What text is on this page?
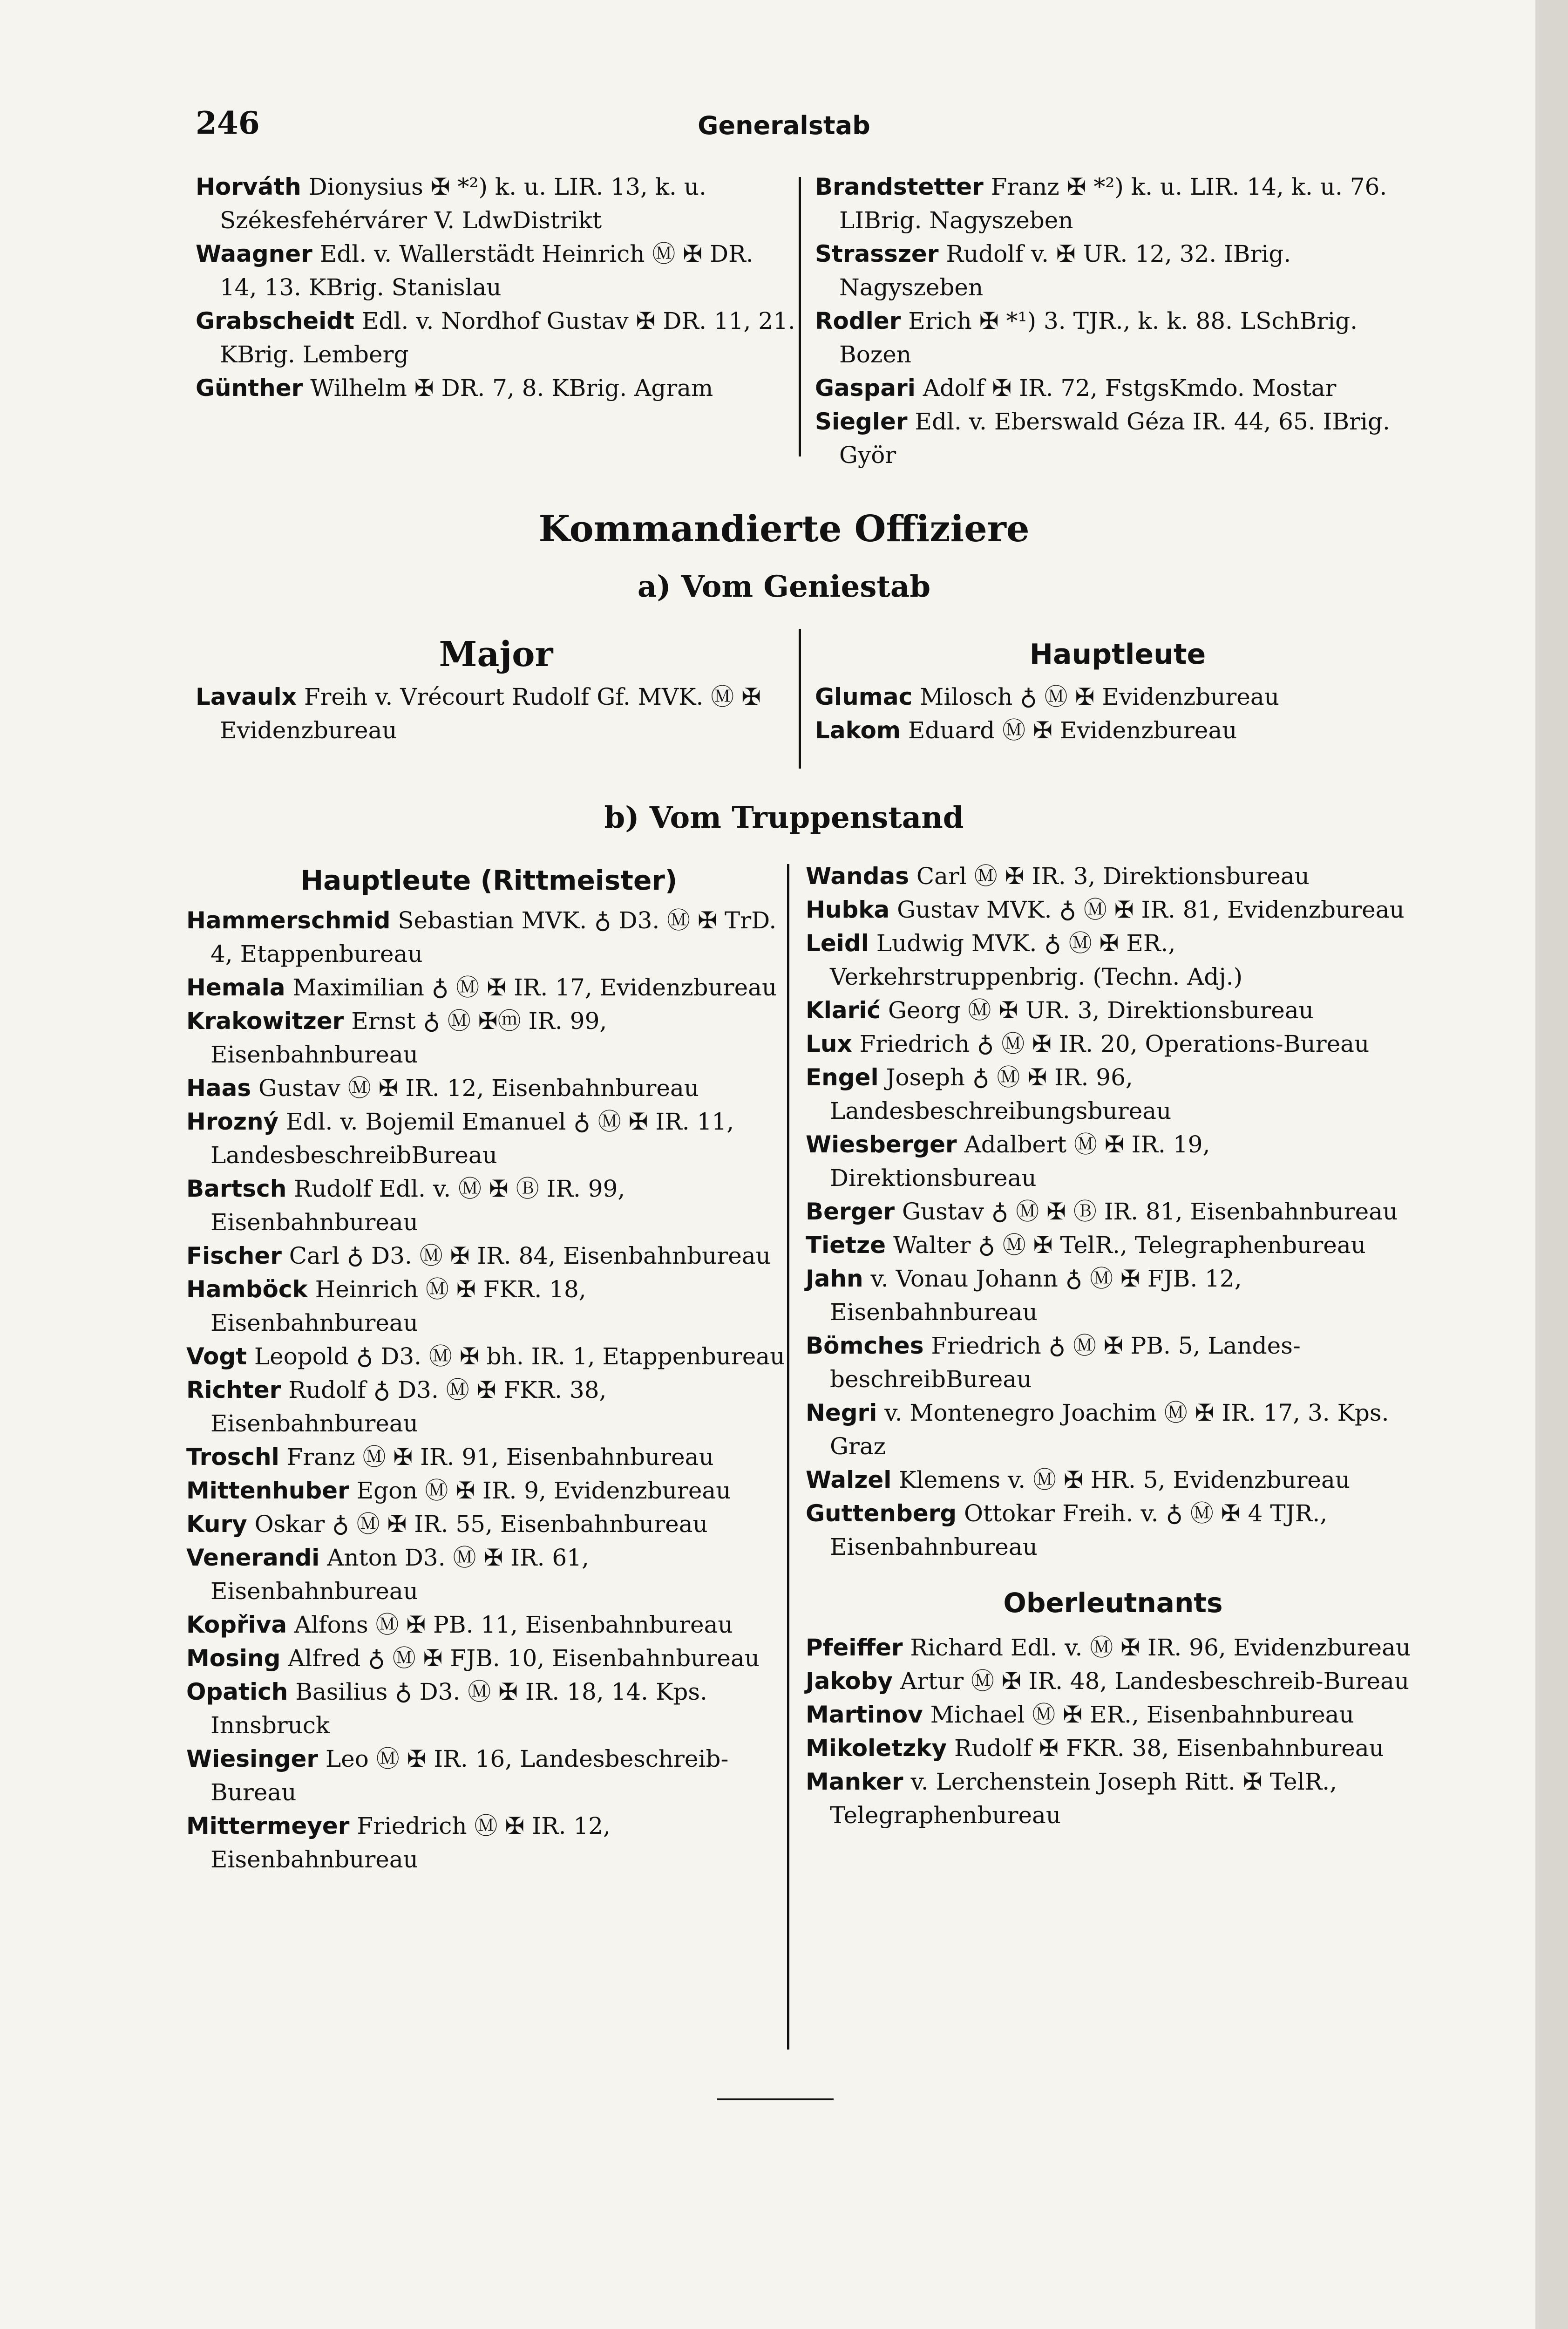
246	Generalstab

Horváth Dionysius ✠ *²) k. u. LIR. 13, k. u. Székesfehérvárer V. LdwDistrikt

Waagner Edl. v. Wallerstädt Heinrich Ⓜ ✠ DR. 14, 13. KBrig. Stanislau

Grabscheidt Edl. v. Nordhof Gustav ✠ DR. 11, 21. KBrig. Lemberg

Günther Wilhelm ✠ DR. 7, 8. KBrig. Agram

Brandstetter Franz ✠ *²) k. u. LIR. 14, k. u. 76. LIBrig. Nagyszeben

Strasszer Rudolf v. ✠ UR. 12, 32. IBrig. Nagyszeben

Rodler Erich ✠ *¹) 3. TJR., k. k. 88. LSchBrig. Bozen

Gaspari Adolf ✠ IR. 72, FstgsKmdo. Mostar

Siegler Edl. v. Eberswald Géza IR. 44, 65. IBrig. Györ

Kommandierte Offiziere
a) Vom Geniestab
Major

Lavaulx Freih v. Vrécourt Rudolf Gf. MVK. Ⓜ ✠ Evidenzbureau

Hauptleute

Glumac Milosch ♁ Ⓜ ✠ Evidenzbureau

Lakom Eduard Ⓜ ✠ Evidenzbureau

b) Vom Truppenstand
Hauptleute (Rittmeister)

Hammerschmid Sebastian MVK. ♁ D3. Ⓜ ✠ TrD. 4, Etappenbureau

Hemala Maximilian ♁ Ⓜ ✠ IR. 17, Evidenzbureau

Krakowitzer Ernst ♁ Ⓜ ✠ⓜ IR. 99, Eisenbahnbureau

Haas Gustav Ⓜ ✠ IR. 12, Eisenbahnbureau

Hrozný Edl. v. Bojemil Emanuel ♁ Ⓜ ✠ IR. 11, LandesbeschreibBureau

Bartsch Rudolf Edl. v. Ⓜ ✠ Ⓑ IR. 99, Eisenbahnbureau

Fischer Carl ♁ D3. Ⓜ ✠ IR. 84, Eisenbahnbureau

Hamböck Heinrich Ⓜ ✠ FKR. 18, Eisenbahnbureau

Vogt Leopold ♁ D3. Ⓜ ✠ bh. IR. 1, Etappenbureau

Richter Rudolf ♁ D3. Ⓜ ✠ FKR. 38, Eisenbahnbureau

Troschl Franz Ⓜ ✠ IR. 91, Eisenbahnbureau

Mittenhuber Egon Ⓜ ✠ IR. 9, Evidenzbureau

Kury Oskar ♁ Ⓜ ✠ IR. 55, Eisenbahnbureau

Venerandi Anton D3. Ⓜ ✠ IR. 61, Eisenbahnbureau

Kopřiva Alfons Ⓜ ✠ PB. 11, Eisenbahnbureau

Mosing Alfred ♁ Ⓜ ✠ FJB. 10, Eisenbahnbureau

Opatich Basilius ♁ D3. Ⓜ ✠ IR. 18, 14. Kps. Innsbruck

Wiesinger Leo Ⓜ ✠ IR. 16, Landesbeschreib-Bureau

Mittermeyer Friedrich Ⓜ ✠ IR. 12, Eisenbahnbureau

Wandas Carl Ⓜ ✠ IR. 3, Direktionsbureau

Hubka Gustav MVK. ♁ Ⓜ ✠ IR. 81, Evidenzbureau

Leidl Ludwig MVK. ♁ Ⓜ ✠ ER., Verkehrstruppenbrig. (Techn. Adj.)

Klarić Georg Ⓜ ✠ UR. 3, Direktionsbureau

Lux Friedrich ♁ Ⓜ ✠ IR. 20, Operations-Bureau

Engel Joseph ♁ Ⓜ ✠ IR. 96, Landesbeschreibungsbureau

Wiesberger Adalbert Ⓜ ✠ IR. 19, Direktionsbureau

Berger Gustav ♁ Ⓜ ✠ Ⓑ IR. 81, Eisenbahnbureau

Tietze Walter ♁ Ⓜ ✠ TelR., Telegraphenbureau

Jahn v. Vonau Johann ♁ Ⓜ ✠ FJB. 12, Eisenbahnbureau

Bömches Friedrich ♁ Ⓜ ✠ PB. 5, Landes-beschreibBureau

Negri v. Montenegro Joachim Ⓜ ✠ IR. 17, 3. Kps. Graz

Walzel Klemens v. Ⓜ ✠ HR. 5, Evidenzbureau

Guttenberg Ottokar Freih. v. ♁ Ⓜ ✠ 4 TJR., Eisenbahnbureau

Oberleutnants

Pfeiffer Richard Edl. v. Ⓜ ✠ IR. 96, Evidenzbureau

Jakoby Artur Ⓜ ✠ IR. 48, Landesbeschreib-Bureau

Martinov Michael Ⓜ ✠ ER., Eisenbahnbureau

Mikoletzky Rudolf ✠ FKR. 38, Eisenbahnbureau

Manker v. Lerchenstein Joseph Ritt. ✠ TelR., Telegraphenbureau
